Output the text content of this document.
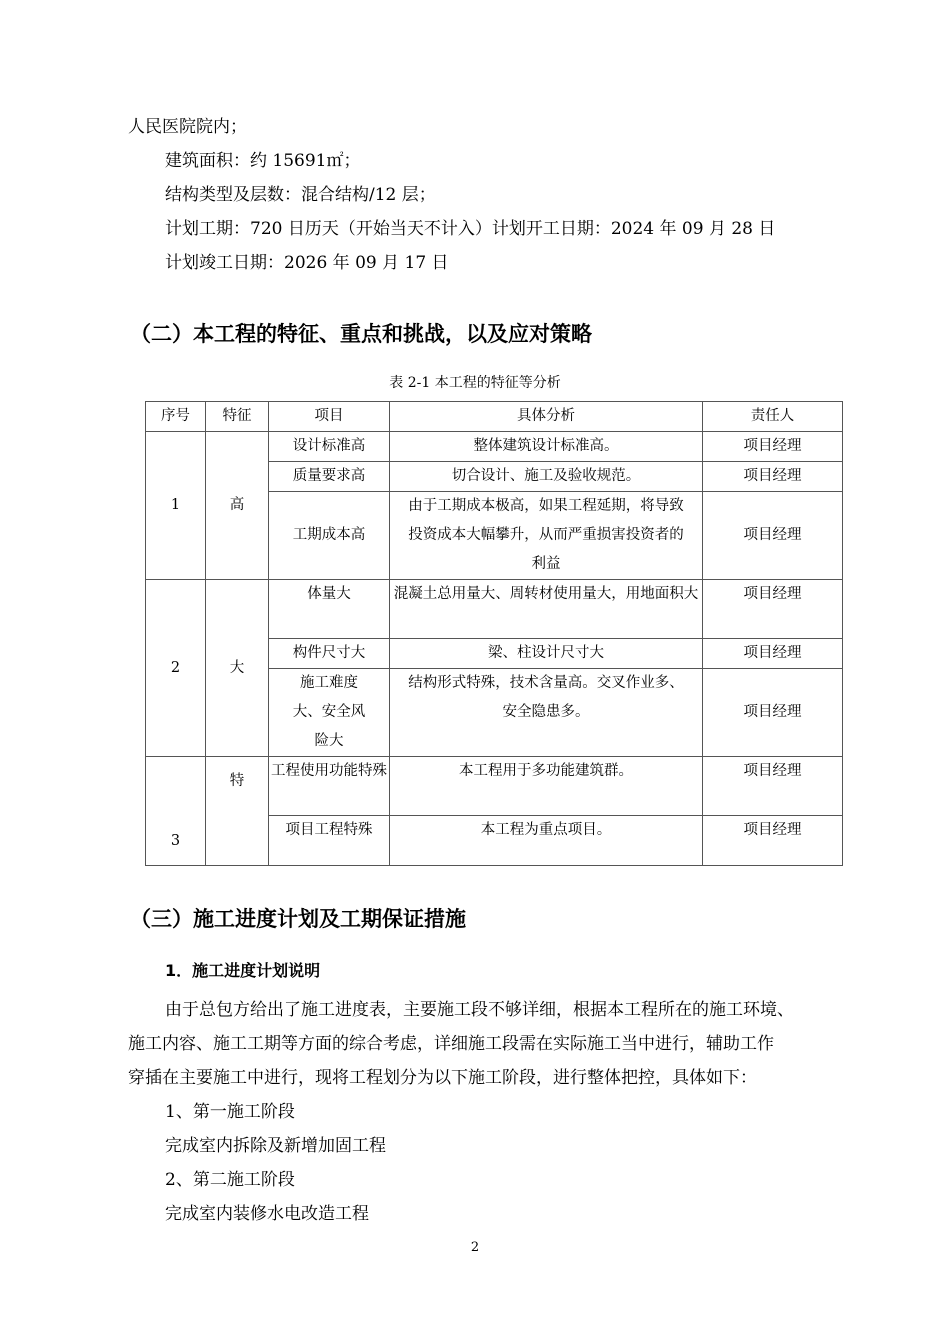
人民医院院内；
建筑面积：约 15691㎡；
结构类型及层数：混合结构/12 层；
计划工期：720 日历天（开始当天不计入）计划开工日期：2024 年 09 月 28 日
计划竣工日期：2026 年 09 月 17 日
（二）本工程的特征、重点和挑战，以及应对策略
表 2-1 本工程的特征等分析
序号	特征	项目	具体分析	责任人
1	高	设计标准高	整体建筑设计标准高。	项目经理
		质量要求高	切合设计、施工及验收规范。	项目经理
		工期成本高	由于工期成本极高，如果工程延期，将导致投资成本大幅攀升，从而严重损害投资者的利益	项目经理
2	大	体量大	混凝土总用量大、周转材使用量大，用地面积大	项目经理
		构件尺寸大	梁、柱设计尺寸大	项目经理
		施工难度大、安全风险大	结构形式特殊，技术含量高。交叉作业多、安全隐患多。	项目经理

3	特	工程使用功能特殊	本工程用于多功能建筑群。	项目经理
		项目工程特殊	本工程为重点项目。	项目经理
（三）施工进度计划及工期保证措施
1．施工进度计划说明
由于总包方给出了施工进度表，主要施工段不够详细，根据本工程所在的施工环境、
施工内容、施工工期等方面的综合考虑，详细施工段需在实际施工当中进行，辅助工作
穿插在主要施工中进行，现将工程划分为以下施工阶段，进行整体把控，具体如下：
1、第一施工阶段
完成室内拆除及新增加固工程
2、第二施工阶段
完成室内装修水电改造工程
2
